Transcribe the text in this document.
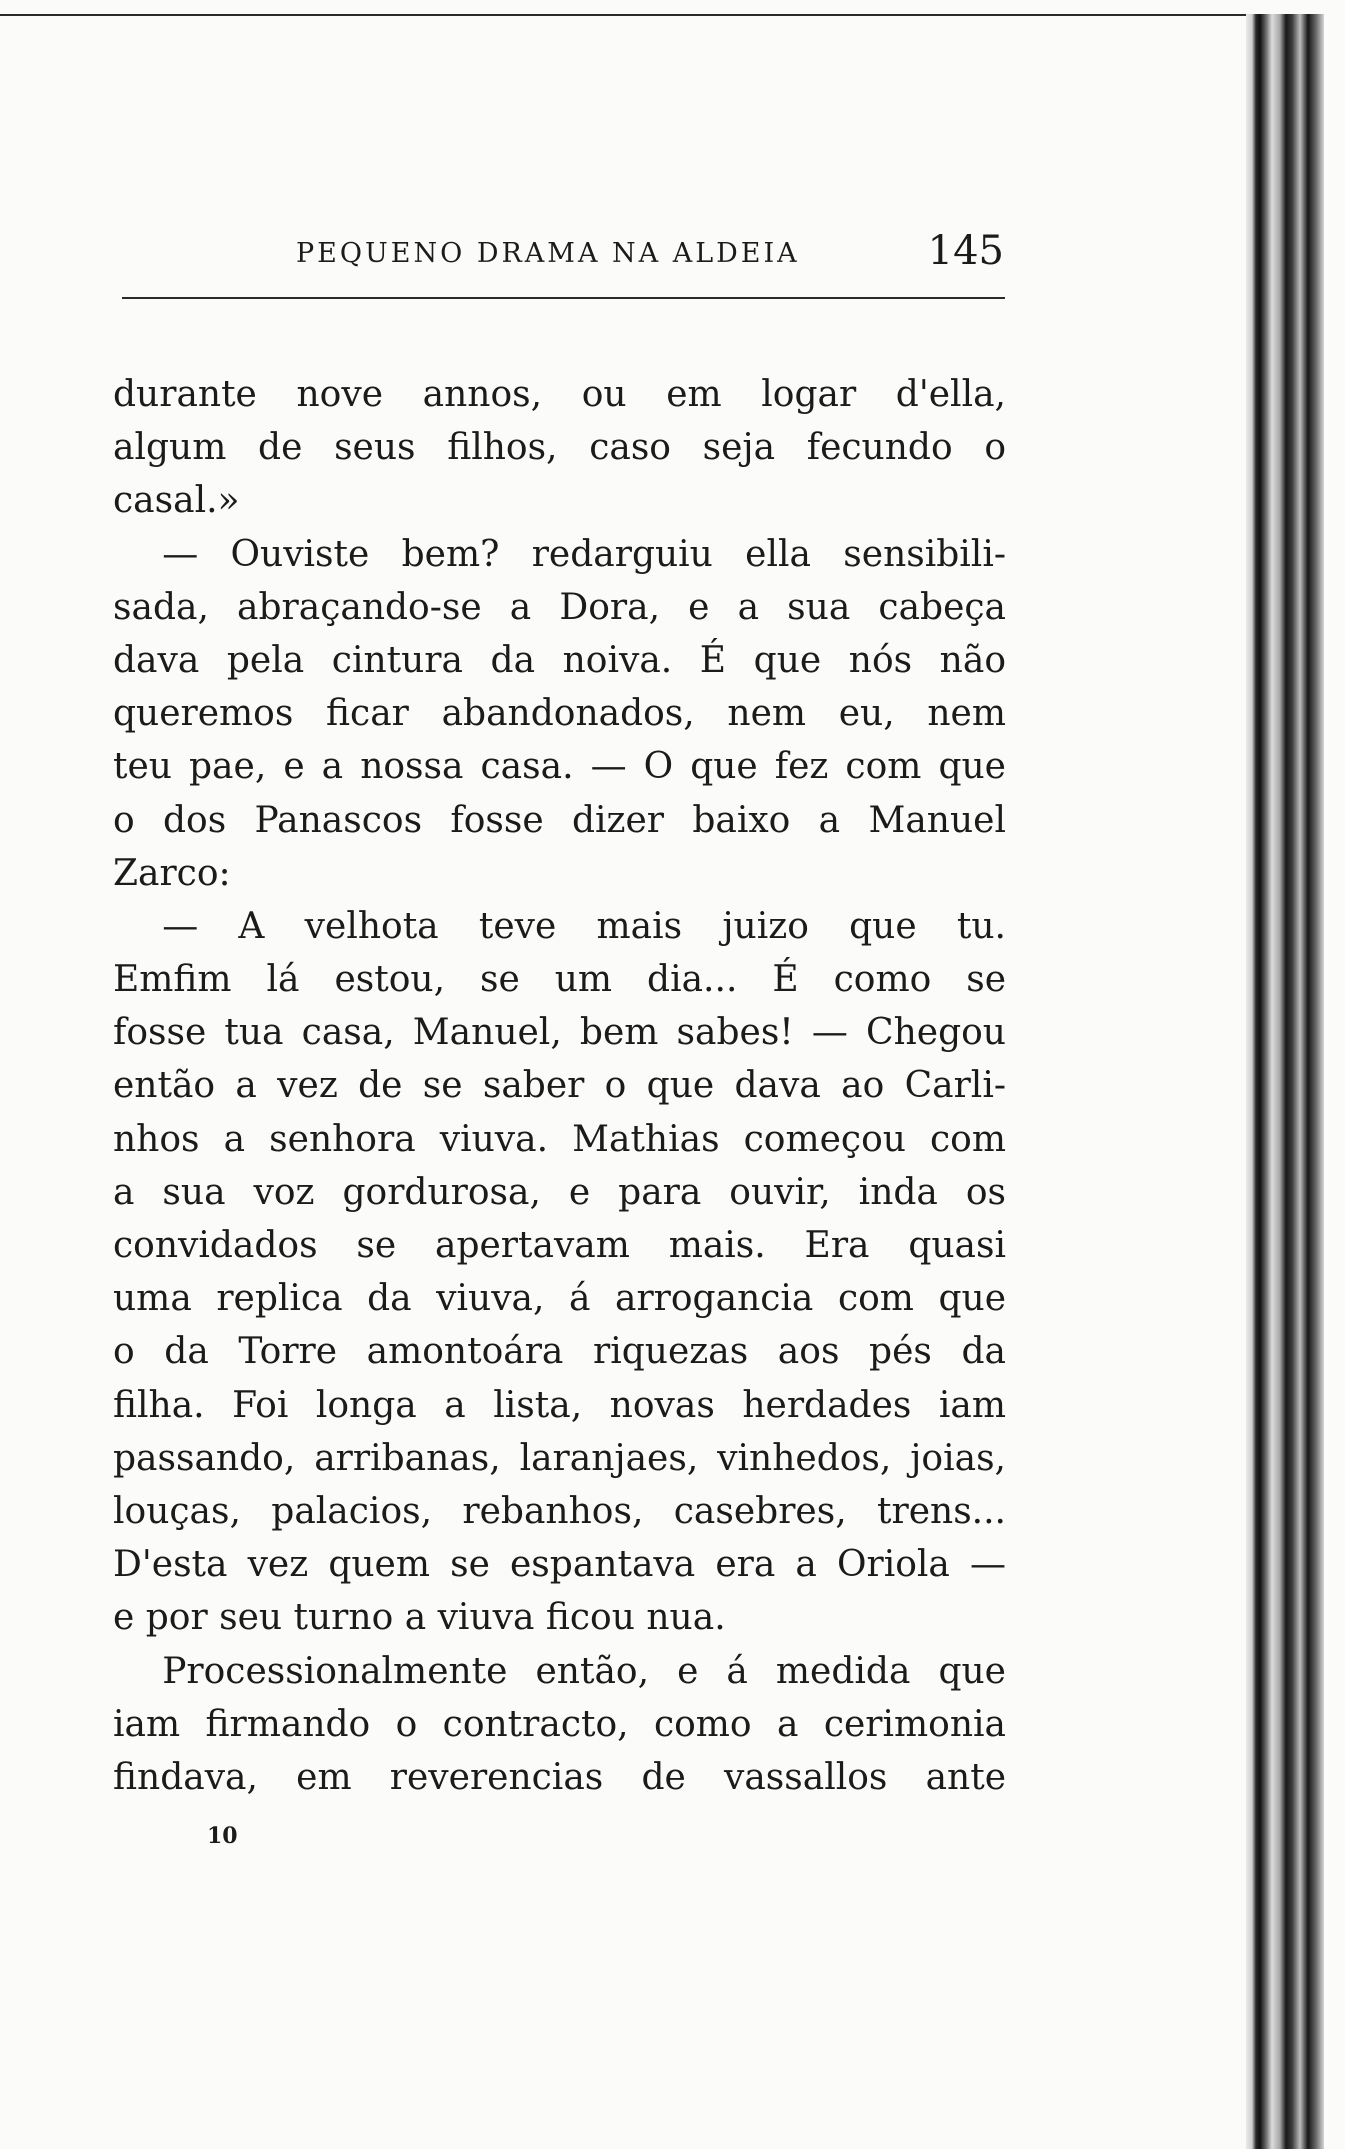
PEQUENO DRAMA NA ALDEIA	145
durante nove annos, ou em logar d'ella,
algum de seus filhos, caso seja fecundo o
casal.»
— Ouviste bem? redarguiu ella sensibili-
sada, abraçando-se a Dora, e a sua cabeça
dava pela cintura da noiva. É que nós não
queremos ficar abandonados, nem eu, nem
teu pae, e a nossa casa. — O que fez com que
o dos Panascos fosse dizer baixo a Manuel
Zarco:
— A velhota teve mais juizo que tu.
Emfim lá estou, se um dia... É como se
fosse tua casa, Manuel, bem sabes! — Chegou
então a vez de se saber o que dava ao Carli-
nhos a senhora viuva. Mathias começou com
a sua voz gordurosa, e para ouvir, inda os
convidados se apertavam mais. Era quasi
uma replica da viuva, á arrogancia com que
o da Torre amontoára riquezas aos pés da
filha. Foi longa a lista, novas herdades iam
passando, arribanas, laranjaes, vinhedos, joias,
louças, palacios, rebanhos, casebres, trens...
D'esta vez quem se espantava era a Oriola —
e por seu turno a viuva ficou nua.
Processionalmente então, e á medida que
iam firmando o contracto, como a cerimonia
findava, em reverencias de vassallos ante
10
